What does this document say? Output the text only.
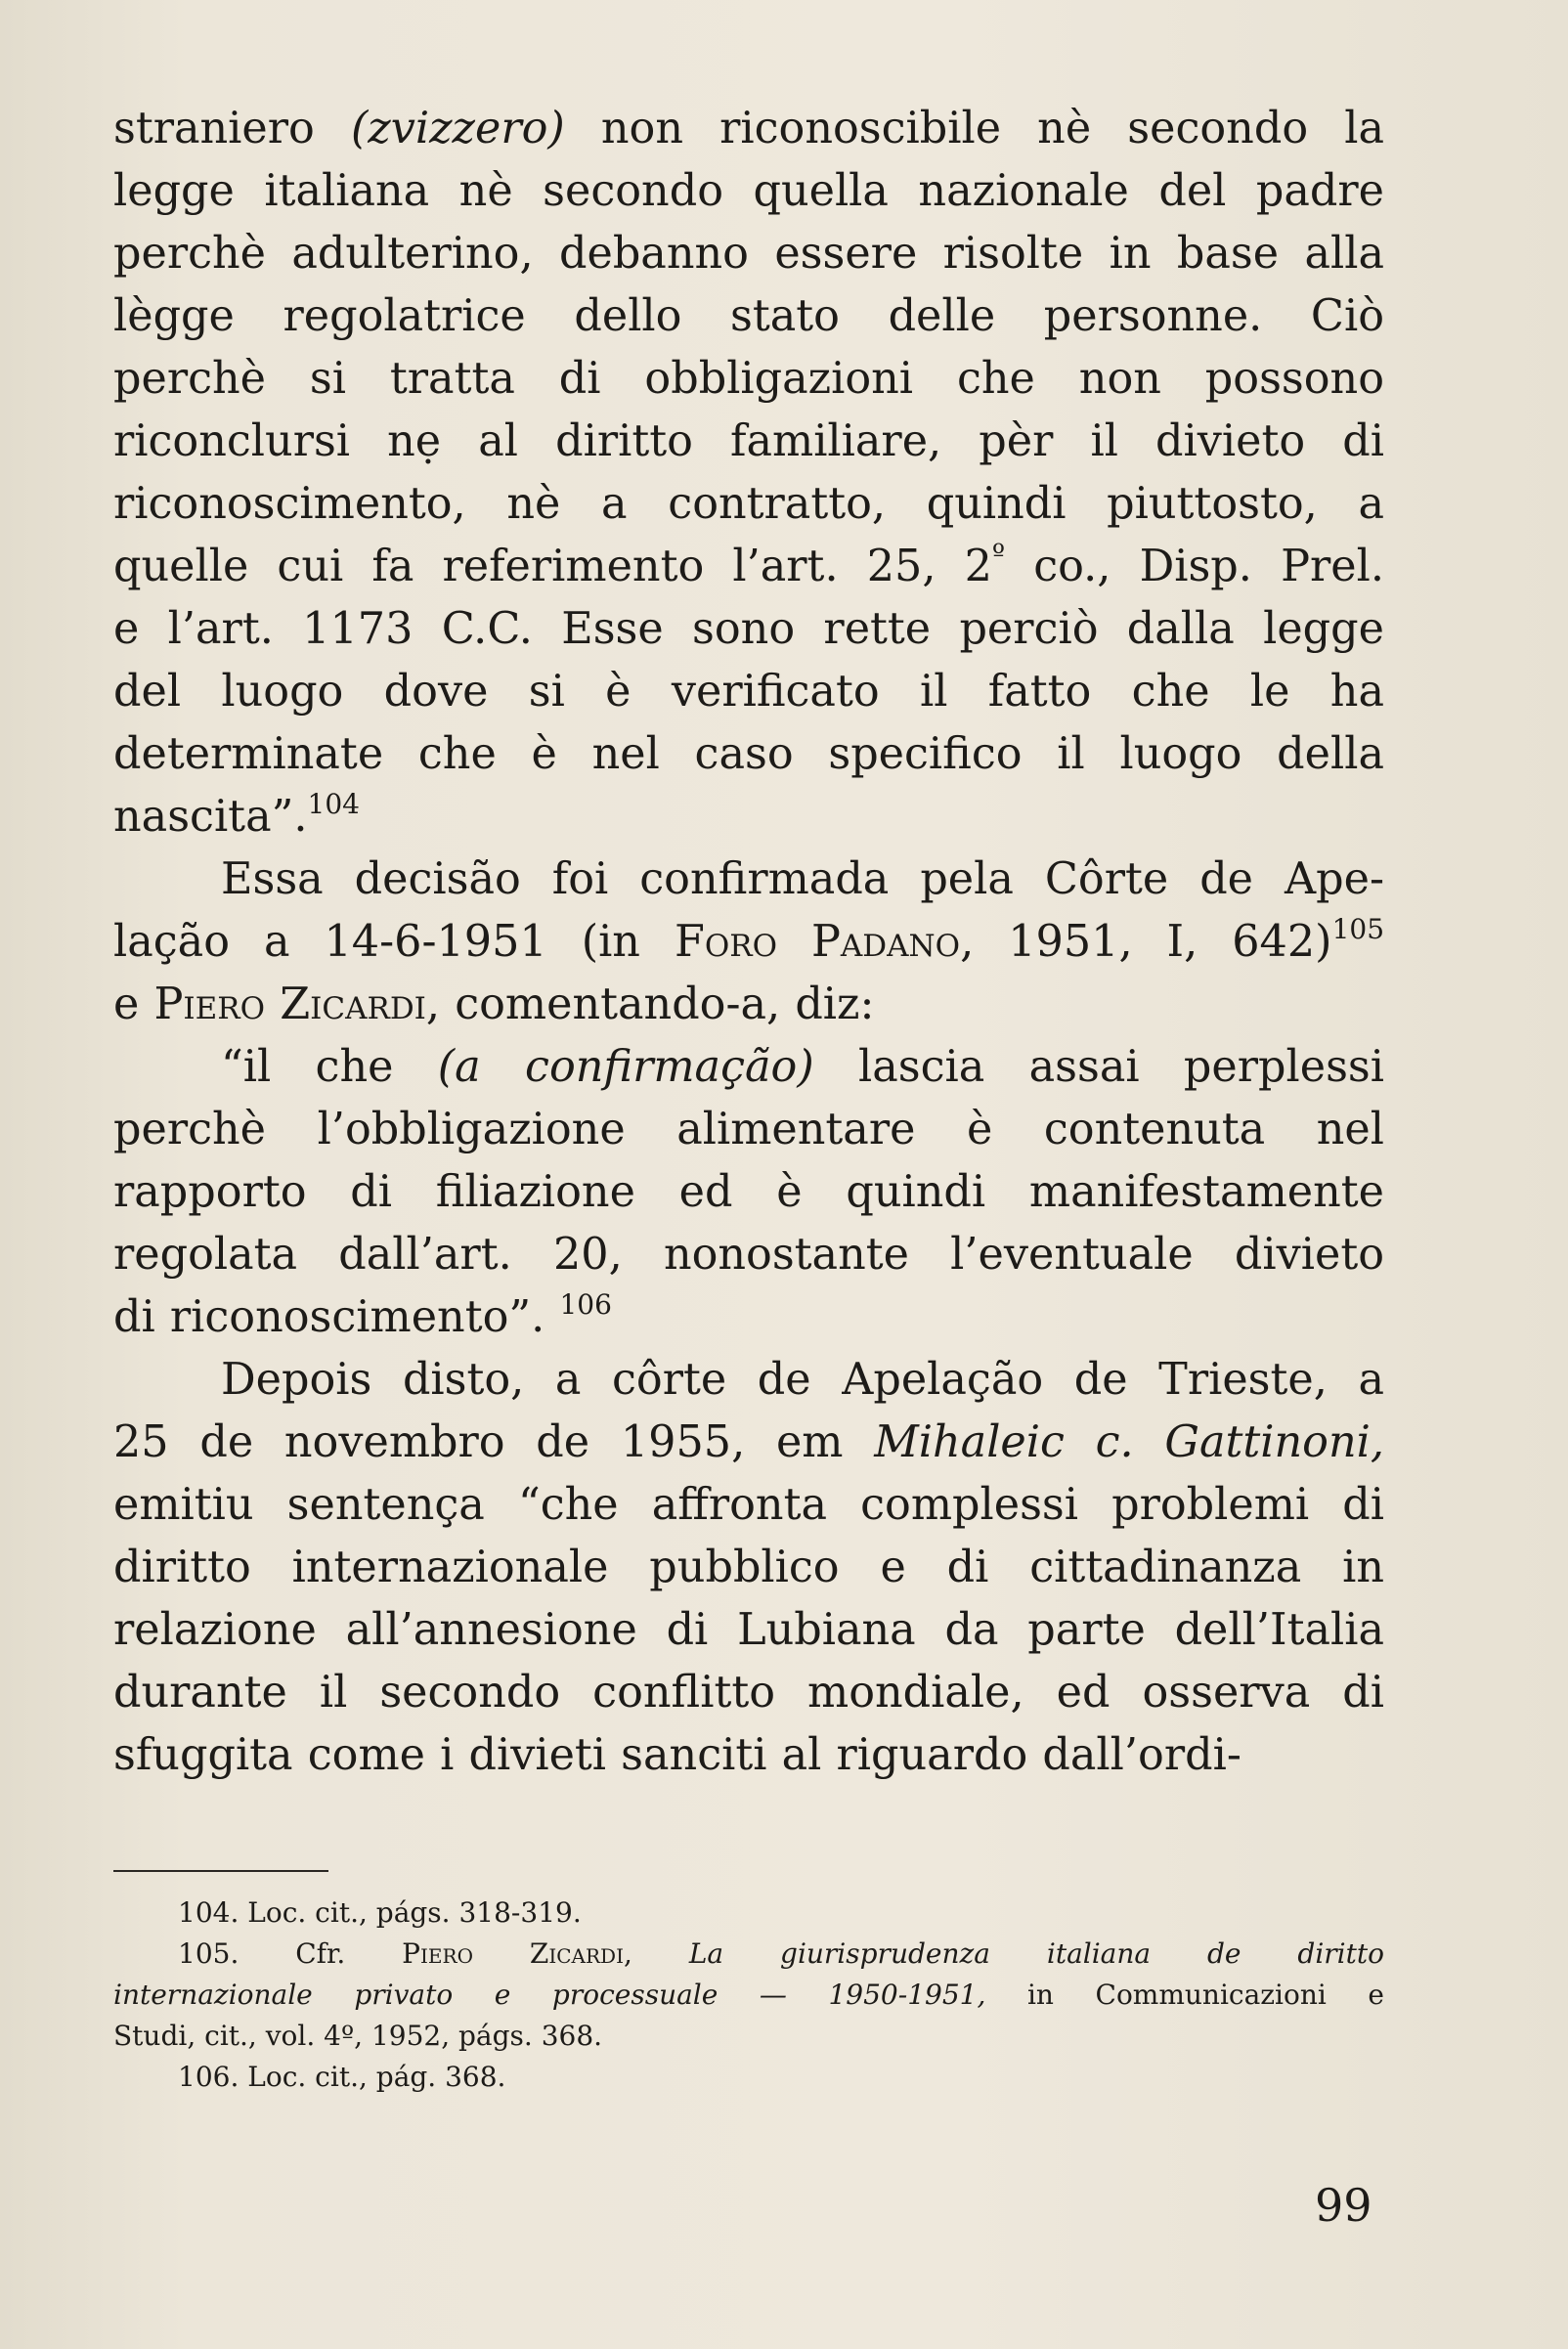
straniero (zvizzero) non riconoscibile nè secondo la
legge italiana nè secondo quella nazionale del padre
perchè adulterino, debanno essere risolte in base alla
lègge regolatrice dello stato delle personne. Ciò
perchè si tratta di obbligazioni che non possono
riconclursi nẹ al diritto familiare, pèr il divieto di
riconoscimento, nè a contratto, quindi piuttosto, a
quelle cui fa referimento l’art. 25, $2^º$ co., Disp. Prel.
e l’art. 1173 C.C. Esse sono rette perciò dalla legge
del luogo dove si è verificato il fatto che le ha
determinate che è nel caso specifico il luogo della
nascita”.$^{104}$

Essa decisão foi confirmada pela Côrte de Ape-
lação a 14-6-1951 (in Foro Padano, 1951, I, 642)$^{105}$
e Piero Zicardi, comentando-a, diz:

“il che (a confirmação) lascia assai perplessi
perchè l’obbligazione alimentare è contenuta nel
rapporto di filiazione ed è quindi manifestamente
regolata dall’art. 20, nonostante l’eventuale divieto
di riconoscimento”. $^{106}$

Depois disto, a côrte de Apelação de Trieste, a
25 de novembro de 1955, em Mihaleic c. Gattinoni,
emitiu sentença “che affronta complessi problemi di
diritto internazionale pubblico e di cittadinanza in
relazione all’annesione di Lubiana da parte dell’Italia
durante il secondo conflitto mondiale, ed osserva di
sfuggita come i divieti sanciti al riguardo dall’ordi-

104. Loc. cit., págs. 318-319.

105. Cfr. Piero Zicardi, La giurisprudenza italiana de diritto
internazionale privato e processuale — 1950-1951, in Communicazioni e
Studi, cit., vol. 4º, 1952, págs. 368.

106. Loc. cit., pág. 368.

99
